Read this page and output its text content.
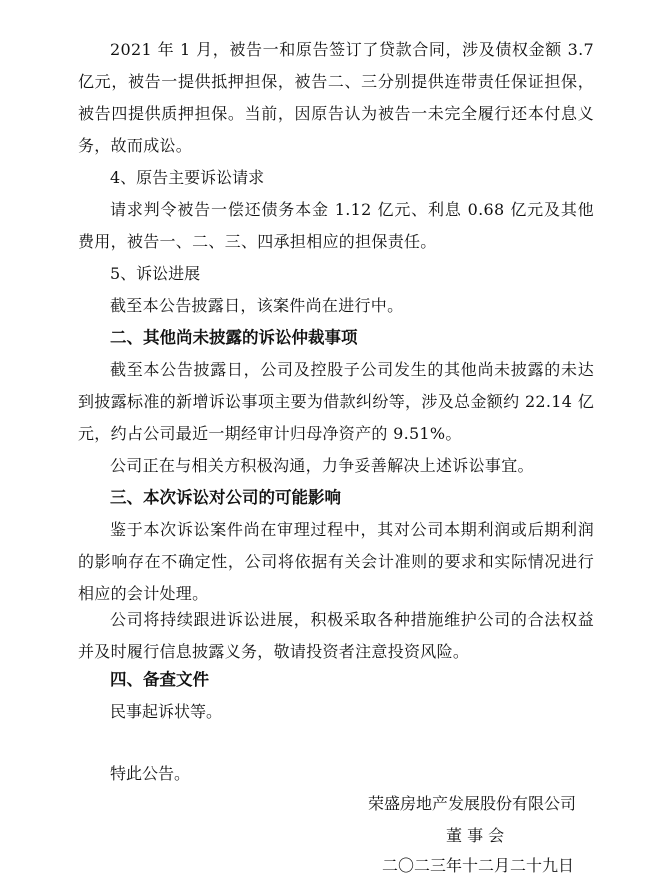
2021 年 1 月，被告一和原告签订了贷款合同，涉及债权金额 3.7 亿元，被告一提供抵押担保，被告二、三分别提供连带责任保证担保，被告四提供质押担保。当前，因原告认为被告一未完全履行还本付息义务，故而成讼。

4、原告主要诉讼请求

请求判令被告一偿还债务本金 1.12 亿元、利息 0.68 亿元及其他费用，被告一、二、三、四承担相应的担保责任。

5、诉讼进展

截至本公告披露日，该案件尚在进行中。

二、其他尚未披露的诉讼仲裁事项

截至本公告披露日，公司及控股子公司发生的其他尚未披露的未达到披露标准的新增诉讼事项主要为借款纠纷等，涉及总金额约 22.14 亿元，约占公司最近一期经审计归母净资产的 9.51%。

公司正在与相关方积极沟通，力争妥善解决上述诉讼事宜。

三、本次诉讼对公司的可能影响

鉴于本次诉讼案件尚在审理过程中，其对公司本期利润或后期利润的影响存在不确定性，公司将依据有关会计准则的要求和实际情况进行相应的会计处理。

公司将持续跟进诉讼进展，积极采取各种措施维护公司的合法权益并及时履行信息披露义务，敬请投资者注意投资风险。

四、备查文件

民事起诉状等。

特此公告。

荣盛房地产发展股份有限公司

董 事 会

二〇二三年十二月二十九日
